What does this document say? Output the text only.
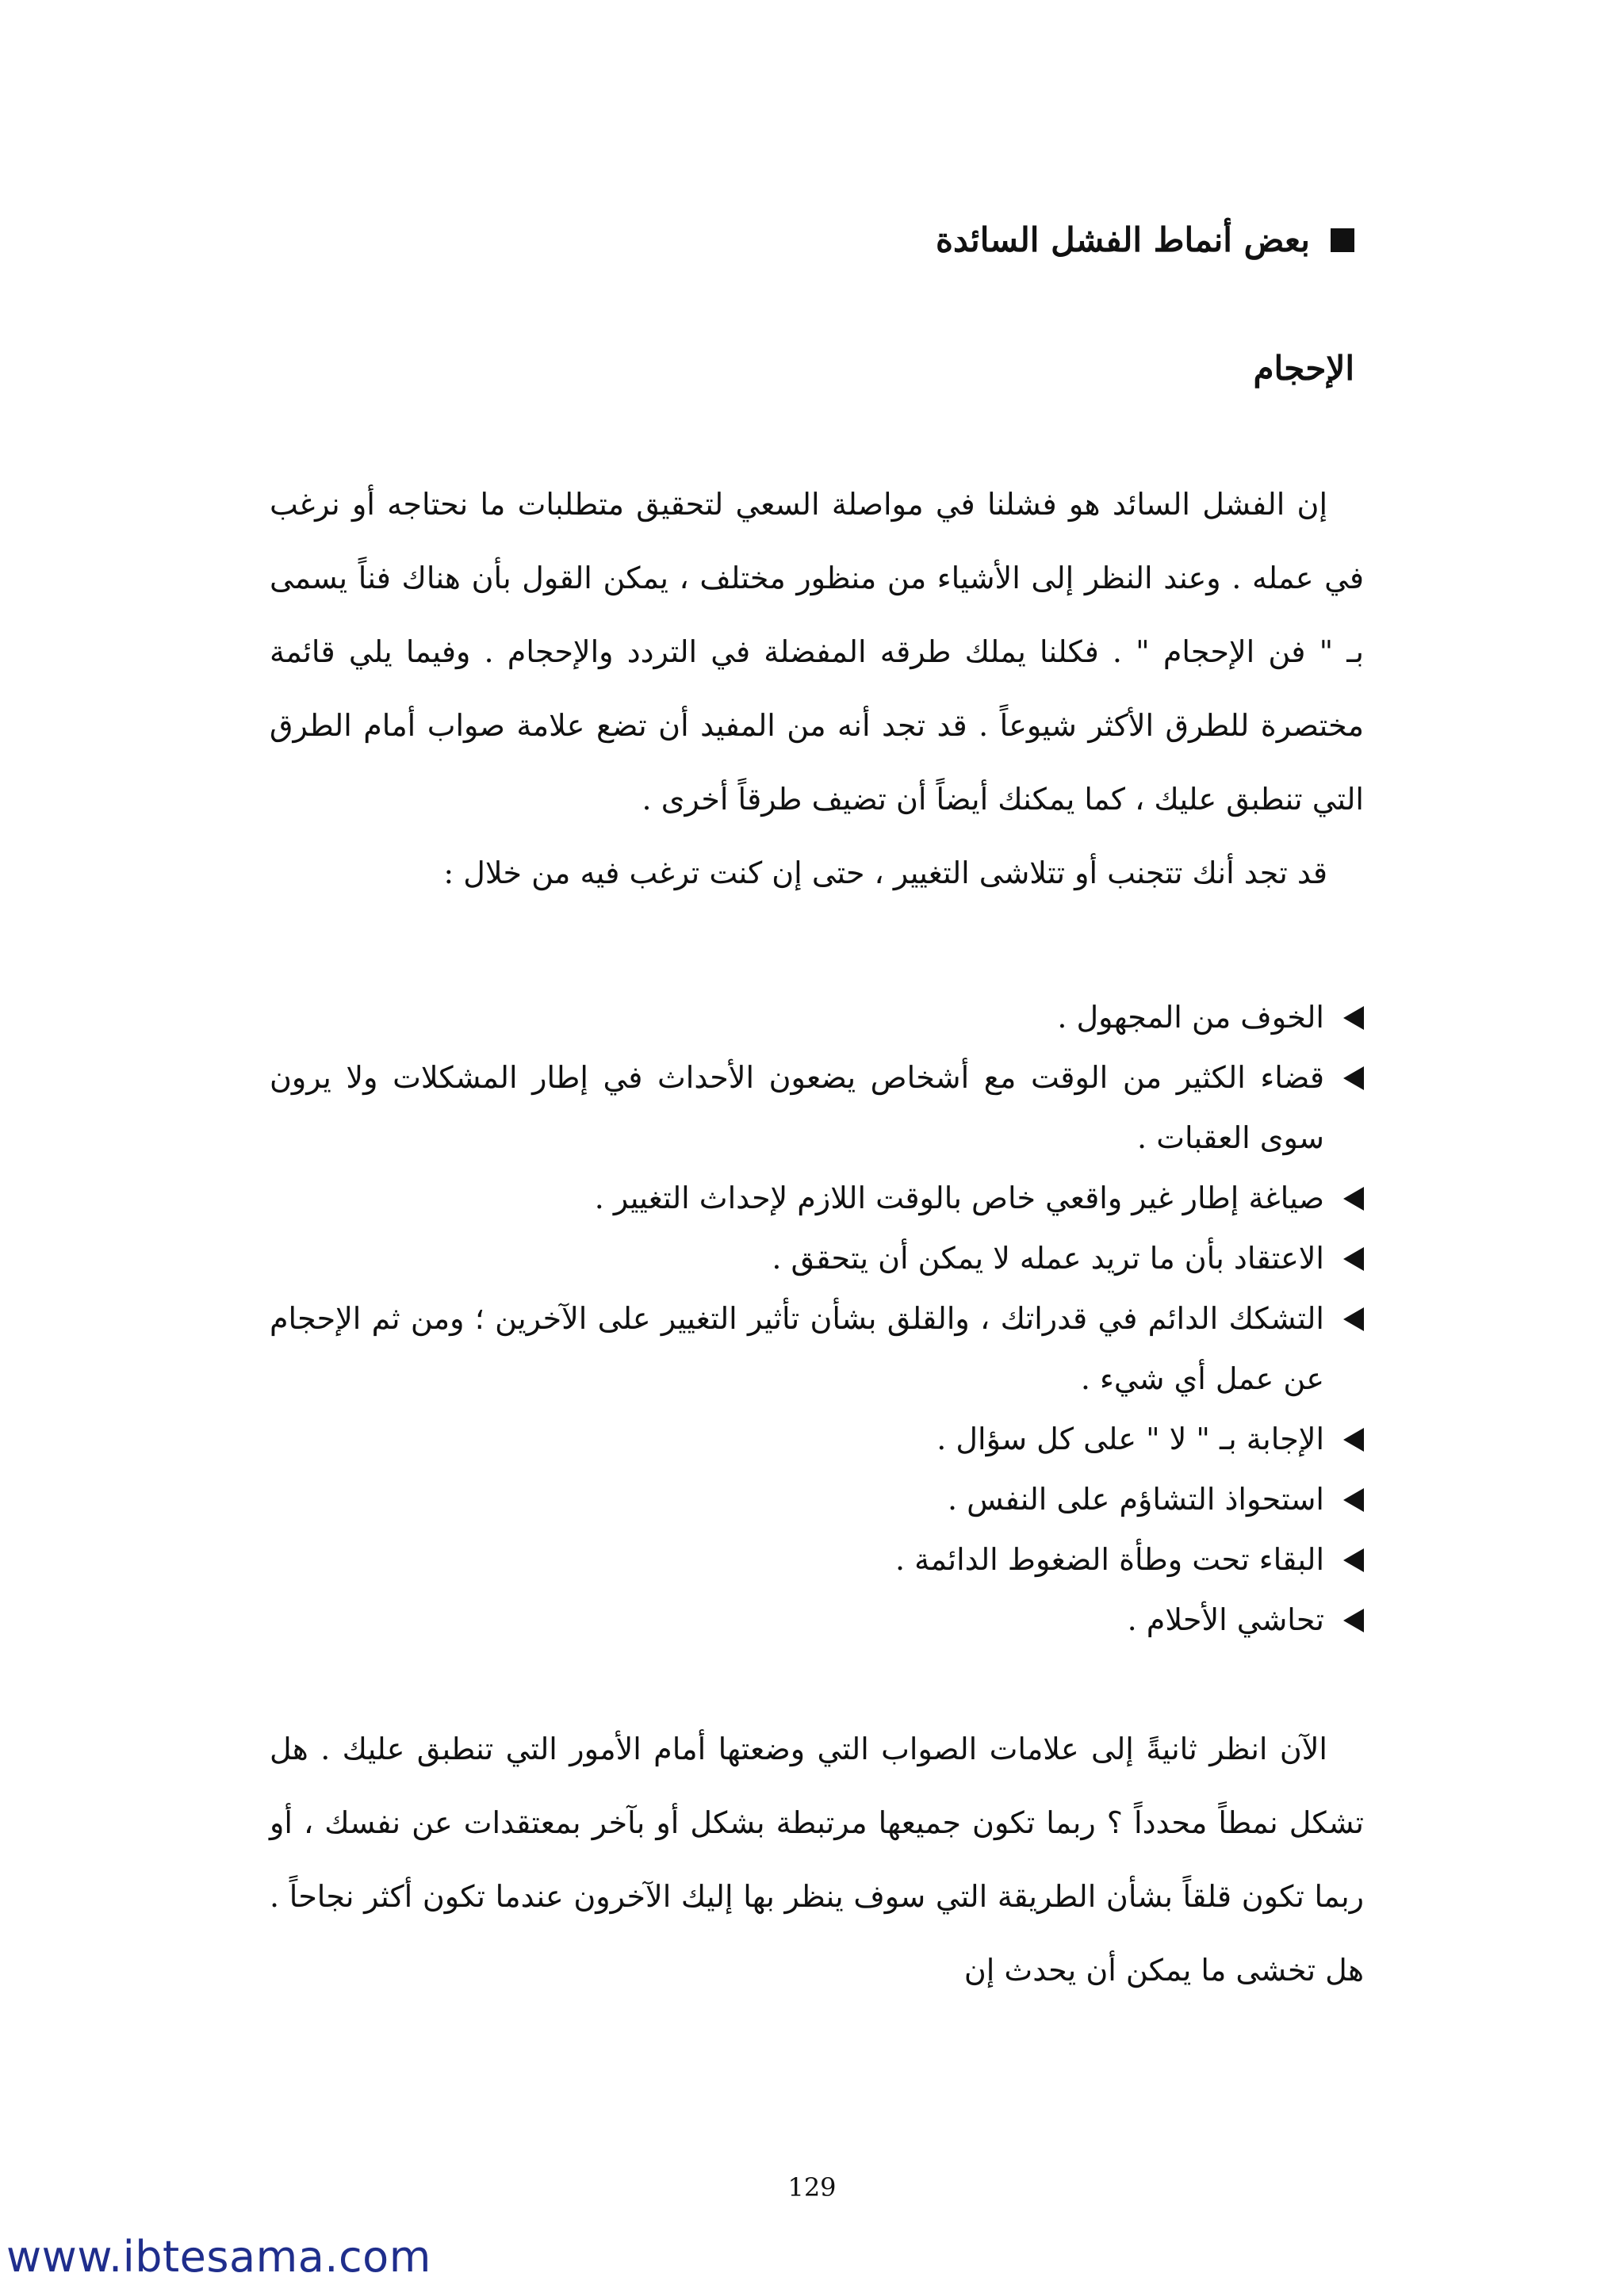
بعض أنماط الفشل السائدة
الإحجام

إن الفشل السائد هو فشلنا في مواصلة السعي لتحقيق متطلبات ما نحتاجه أو نرغب في عمله . وعند النظر إلى الأشياء من منظور مختلف ، يمكن القول بأن هناك فناً يسمى بـ " فن الإحجام " . فكلنا يملك طرقه المفضلة في التردد والإحجام . وفيما يلي قائمة مختصرة للطرق الأكثر شيوعاً . قد تجد أنه من المفيد أن تضع علامة صواب أمام الطرق التي تنطبق عليك ، كما يمكنك أيضاً أن تضيف طرقاً أخرى .

قد تجد أنك تتجنب أو تتلاشى التغيير ، حتى إن كنت ترغب فيه من خلال :

الخوف من المجهول .
قضاء الكثير من الوقت مع أشخاص يضعون الأحداث في إطار المشكلات ولا يرون سوى العقبات .
صياغة إطار غير واقعي خاص بالوقت اللازم لإحداث التغيير .
الاعتقاد بأن ما تريد عمله لا يمكن أن يتحقق .
التشكك الدائم في قدراتك ، والقلق بشأن تأثير التغيير على الآخرين ؛ ومن ثم الإحجام عن عمل أي شيء .
الإجابة بـ " لا " على كل سؤال .
استحواذ التشاؤم على النفس .
البقاء تحت وطأة الضغوط الدائمة .
تحاشي الأحلام .

الآن انظر ثانيةً إلى علامات الصواب التي وضعتها أمام الأمور التي تنطبق عليك . هل تشكل نمطاً محدداً ؟ ربما تكون جميعها مرتبطة بشكل أو بآخر بمعتقدات عن نفسك ، أو ربما تكون قلقاً بشأن الطريقة التي سوف ينظر بها إليك الآخرون عندما تكون أكثر نجاحاً . هل تخشى ما يمكن أن يحدث إن

129
www.ibtesama.com
